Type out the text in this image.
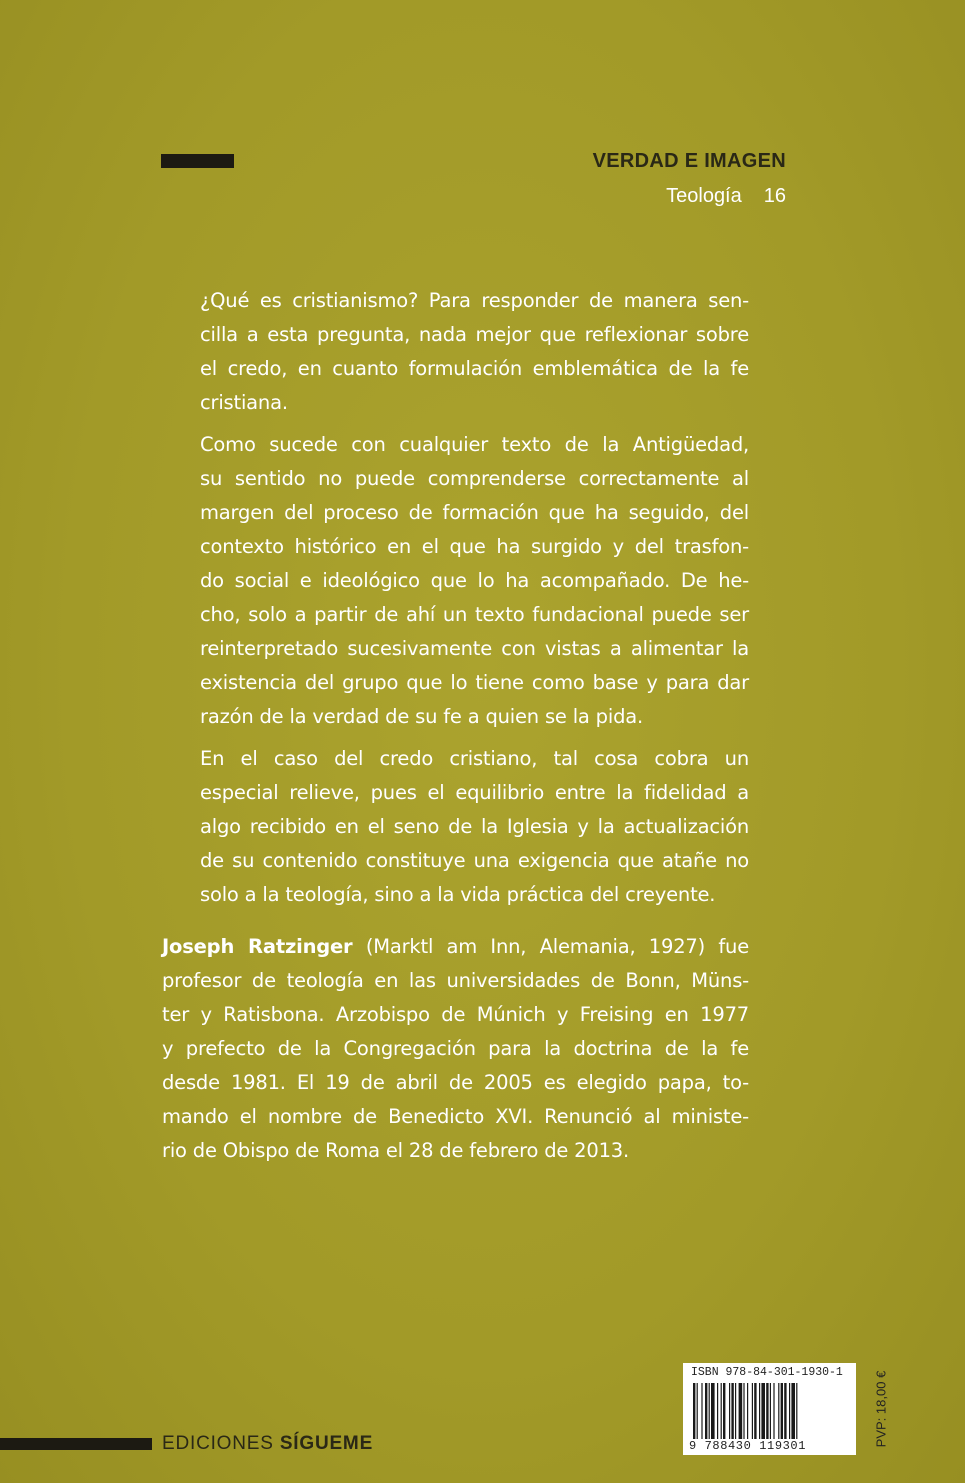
VERDAD E IMAGEN
Teología 16

¿Qué es cristianismo? Para responder de manera sen-
cilla a esta pregunta, nada mejor que reflexionar sobre
el credo, en cuanto formulación emblemática de la fe
cristiana.

Como sucede con cualquier texto de la Antigüedad,
su sentido no puede comprenderse correctamente al
margen del proceso de formación que ha seguido, del
contexto histórico en el que ha surgido y del trasfon-
do social e ideológico que lo ha acompañado. De he-
cho, solo a partir de ahí un texto fundacional puede ser
reinterpretado sucesivamente con vistas a alimentar la
existencia del grupo que lo tiene como base y para dar
razón de la verdad de su fe a quien se la pida.

En el caso del credo cristiano, tal cosa cobra un
especial relieve, pues el equilibrio entre la fidelidad a
algo recibido en el seno de la Iglesia y la actualización
de su contenido constituye una exigencia que atañe no
solo a la teología, sino a la vida práctica del creyente.

Joseph Ratzinger (Marktl am Inn, Alemania, 1927) fue
profesor de teología en las universidades de Bonn, Müns-
ter y Ratisbona. Arzobispo de Múnich y Freising en 1977
y prefecto de la Congregación para la doctrina de la fe
desde 1981. El 19 de abril de 2005 es elegido papa, to-
mando el nombre de Benedicto XVI. Renunció al ministe-
rio de Obispo de Roma el 28 de febrero de 2013.

EDICIONES SÍGUEME
ISBN 978-84-301-1930-1
9 788430 119301	PVP: 18,00 €
